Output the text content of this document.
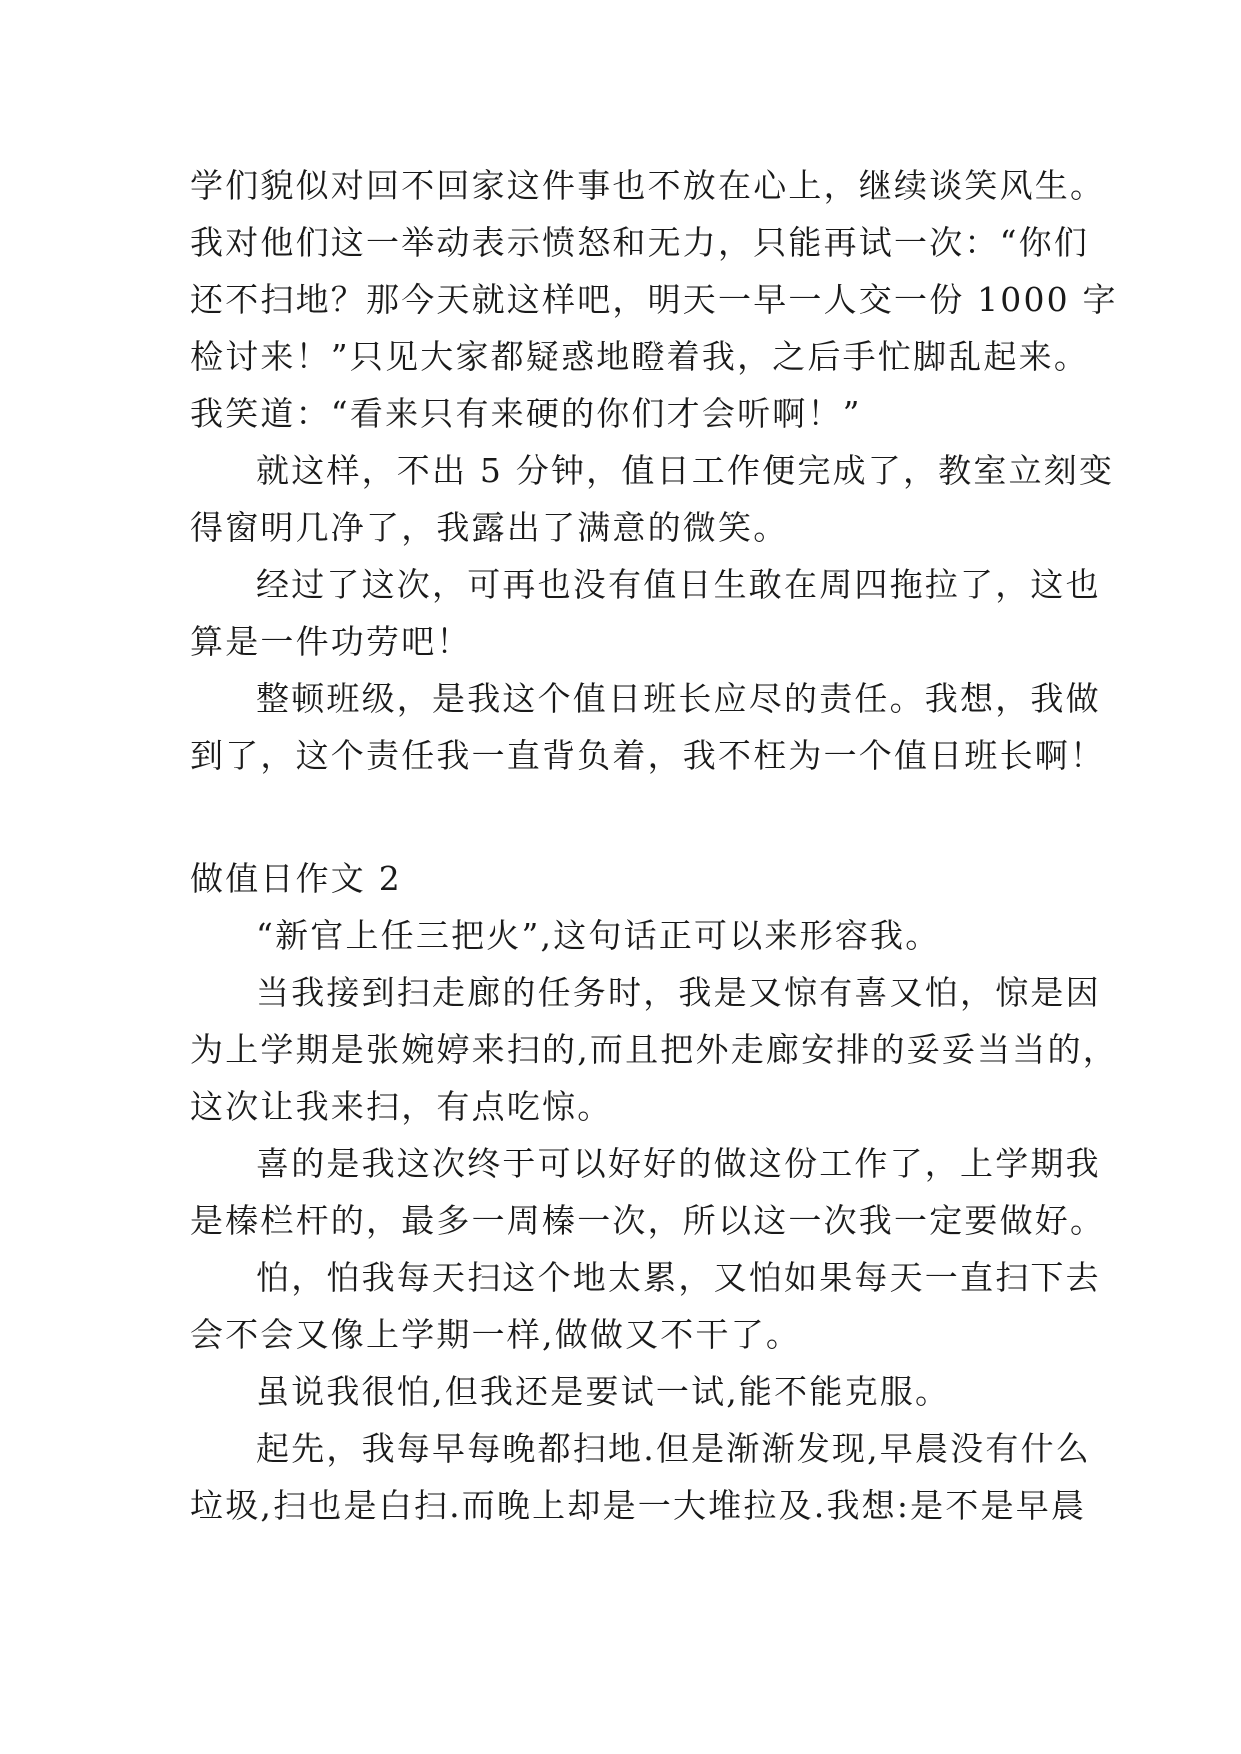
学们貌似对回不回家这件事也不放在心上，继续谈笑风生。
我对他们这一举动表示愤怒和无力，只能再试一次：“你们
还不扫地？那今天就这样吧，明天一早一人交一份 1000 字
检讨来！”只见大家都疑惑地瞪着我，之后手忙脚乱起来。
我笑道：“看来只有来硬的你们才会听啊！”
就这样，不出 5 分钟，值日工作便完成了，教室立刻变
得窗明几净了，我露出了满意的微笑。
经过了这次，可再也没有值日生敢在周四拖拉了，这也
算是一件功劳吧！
整顿班级，是我这个值日班长应尽的责任。我想，我做
到了，这个责任我一直背负着，我不枉为一个值日班长啊！
做值日作文 2
“新官上任三把火”,这句话正可以来形容我。
当我接到扫走廊的任务时，我是又惊有喜又怕，惊是因
为上学期是张婉婷来扫的,而且把外走廊安排的妥妥当当的，
这次让我来扫，有点吃惊。
喜的是我这次终于可以好好的做这份工作了，上学期我
是榛栏杆的，最多一周榛一次，所以这一次我一定要做好。
怕，怕我每天扫这个地太累，又怕如果每天一直扫下去
会不会又像上学期一样,做做又不干了。
虽说我很怕,但我还是要试一试,能不能克服。
起先，我每早每晚都扫地.但是渐渐发现,早晨没有什么
垃圾,扫也是白扫.而晚上却是一大堆拉及.我想:是不是早晨
